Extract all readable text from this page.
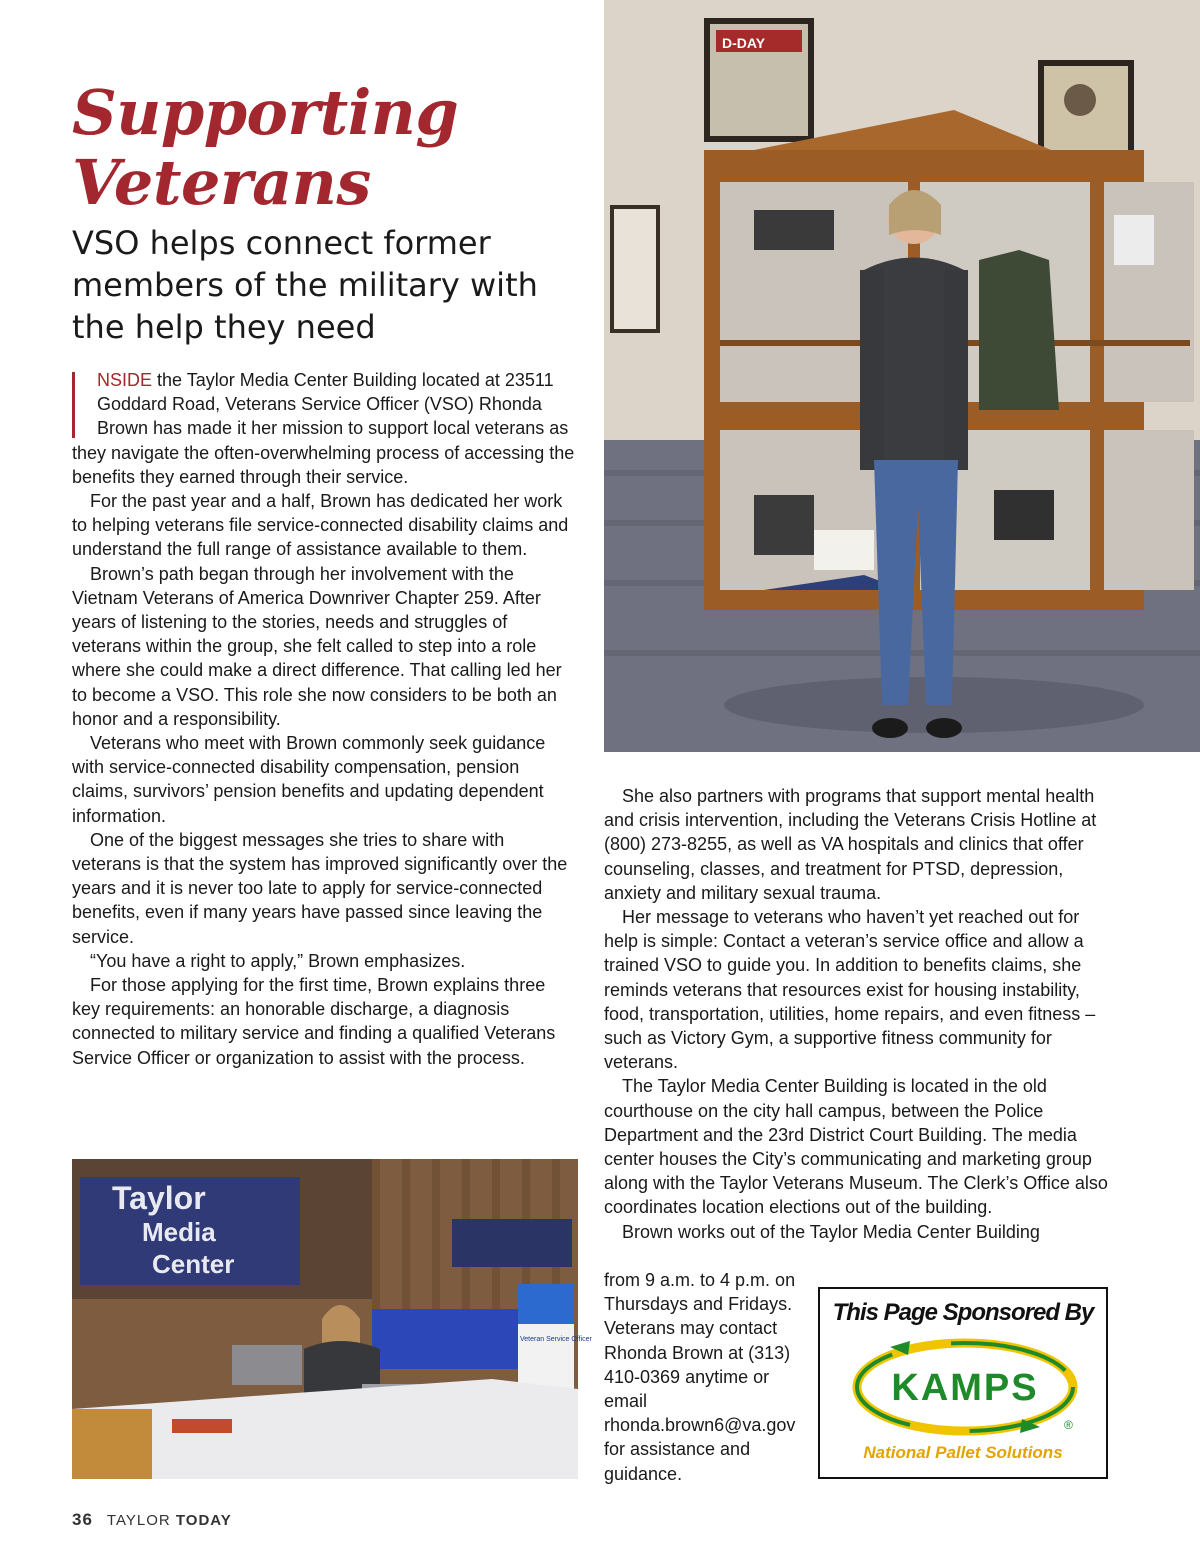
Supporting Veterans
VSO helps connect former members of the military with the help they need
D-DAY

NSIDE the Taylor Media Center Building located at 23511 Goddard Road, Veterans Service Officer (VSO) Rhonda Brown has made it her mission to support local veterans as they navigate the often-overwhelming process of accessing the benefits they earned through their service.

For the past year and a half, Brown has dedicated her work to helping veterans file service-connected disability claims and understand the full range of assistance available to them.

Brown’s path began through her involvement with the Vietnam Veterans of America Downriver Chapter 259. After years of listening to the stories, needs and struggles of veterans within the group, she felt called to step into a role where she could make a direct difference. That calling led her to become a VSO. This role she now considers to be both an honor and a responsibility.

Veterans who meet with Brown commonly seek guidance with service-connected disability compensation, pension claims, survivors’ pension benefits and updating dependent information.

One of the biggest messages she tries to share with veterans is that the system has improved significantly over the years and it is never too late to apply for service-connected benefits, even if many years have passed since leaving the service.

“You have a right to apply,” Brown emphasizes.

For those applying for the first time, Brown explains three key requirements: an honorable discharge, a diagnosis connected to military service and finding a qualified Veterans Service Officer or organization to assist with the process.

Taylor
Media
Center
Veteran Service Officer

She also partners with programs that support mental health and crisis intervention, including the Veterans Crisis Hotline at (800) 273-8255, as well as VA hospitals and clinics that offer counseling, classes, and treatment for PTSD, depression, anxiety and military sexual trauma.

Her message to veterans who haven’t yet reached out for help is simple: Contact a veteran’s service office and allow a trained VSO to guide you. In addition to benefits claims, she reminds veterans that resources exist for housing instability, food, transportation, utilities, home repairs, and even fitness – such as Victory Gym, a supportive fitness community for veterans.

The Taylor Media Center Building is located in the old courthouse on the city hall campus, between the Police Department and the 23rd District Court Building. The media center houses the City’s communicating and marketing group along with the Taylor Veterans Museum. The Clerk’s Office also coordinates location elections out of the building.

Brown works out of the Taylor Media Center Building

from 9 a.m. to 4 p.m. on Thursdays and Fridays. Veterans may contact Rhonda Brown at (313) 410-0369 anytime or email rhonda.brown6@va.gov for assistance and guidance.

This Page Sponsored By
KAMPS
®
National Pallet Solutions
36 TAYLOR TODAY
